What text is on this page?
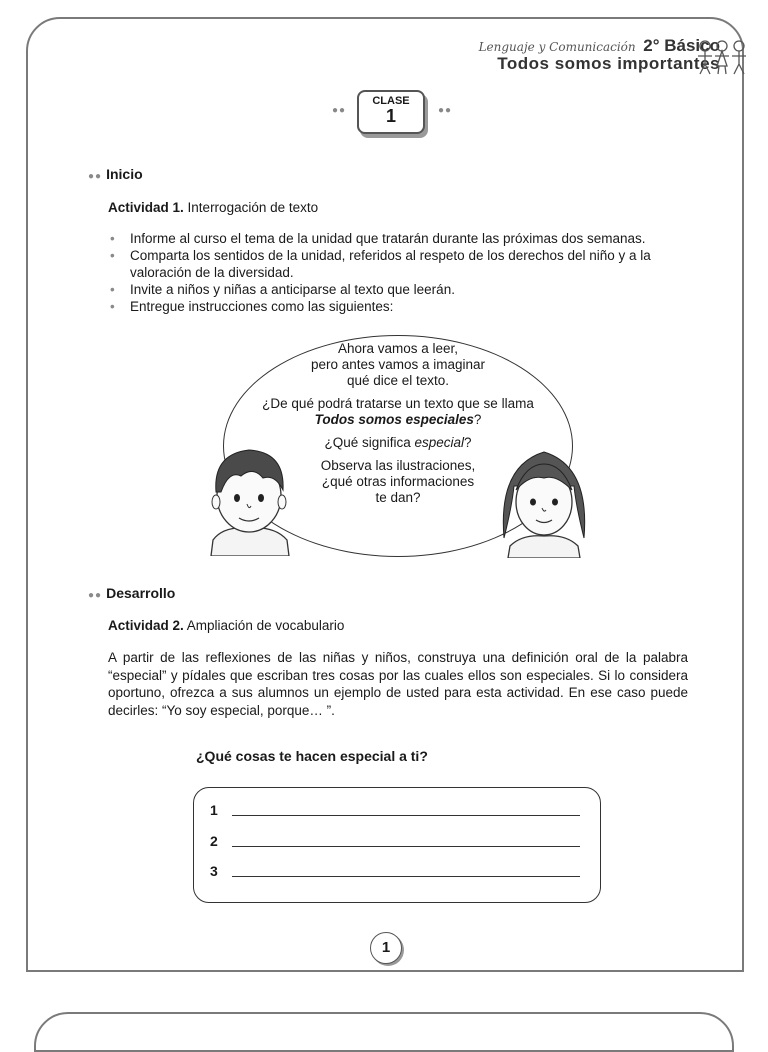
Lenguaje y Comunicación 2° Básico
Todos somos importantes
●●
CLASE
1	●●
●● Inicio
Actividad 1. Interrogación de texto
• Informe al curso el tema de la unidad que tratarán durante las próximas dos semanas.
• Comparta los sentidos de la unidad, referidos al respeto de los derechos del niño y a la valoración de la diversidad.
• Invite a niños y niñas a anticiparse al texto que leerán.
• Entregue instrucciones como las siguientes:

Ahora vamos a leer,
pero antes vamos a imaginar
qué dice el texto.

¿De qué podrá tratarse un texto que se llama
Todos somos especiales?

¿Qué significa especial?

Observa las ilustraciones,
¿qué otras informaciones
te dan?

●● Desarrollo
Actividad 2. Ampliación de vocabulario
A partir de las reflexiones de las niñas y niños, construya una definición oral de la palabra “especial” y pídales que escriban tres cosas por las cuales ellos son especiales. Si lo considera oportuno, ofrezca a sus alumnos un ejemplo de usted para esta actividad. En ese caso puede decirles: “Yo soy especial, porque… ”.
¿Qué cosas te hacen especial a ti?
1
2
3
1
